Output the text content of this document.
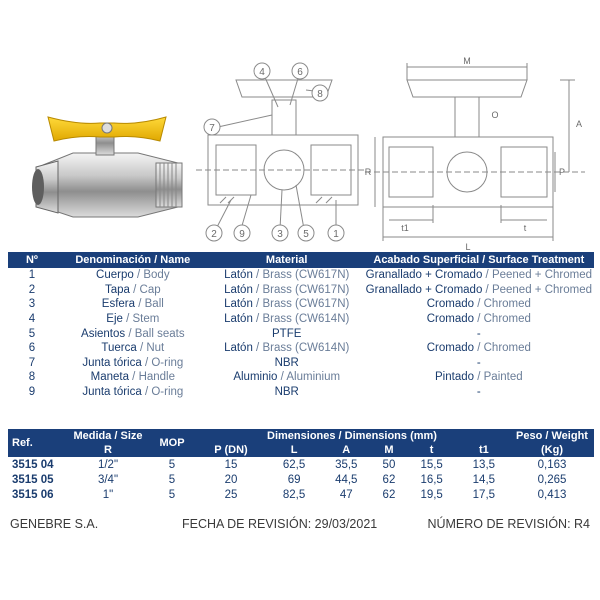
4	6
8
7
2 9	3 5 1
M
A
R	P
L
t1	t
O
Nº	Denominación / Name	Material	Acabado Superficial / Surface Treatment
1	Cuerpo / Body	Latón / Brass (CW617N)	Granallado + Cromado / Peened + Chromed
2	Tapa / Cap	Latón / Brass (CW617N)	Granallado + Cromado / Peened + Chromed
3	Esfera / Ball	Latón / Brass (CW617N)	Cromado / Chromed
4	Eje / Stem	Latón / Brass (CW614N)	Cromado / Chromed
5	Asientos / Ball seats	PTFE	-
6	Tuerca / Nut	Latón / Brass (CW614N)	Cromado / Chromed
7	Junta tórica / O-ring	NBR	-
8	Maneta / Handle	Aluminio / Aluminium	Pintado / Painted
9	Junta tórica / O-ring	NBR	-
Ref.	Medida / Size	MOP	Dimensiones / Dimensions (mm)						Peso / Weight
	R		P (DN)	L	A	M	t	t1	(Kg)
3515 04	1/2"	5	15	62,5	35,5	50	15,5	13,5	0,163
3515 05	3/4"	5	20	69	44,5	62	16,5	14,5	0,265
3515 06	1"	5	25	82,5	47	62	19,5	17,5	0,413
GENEBRE S.A.	FECHA DE REVISIÓN: 29/03/2021	NÚMERO DE REVISIÓN: R4
